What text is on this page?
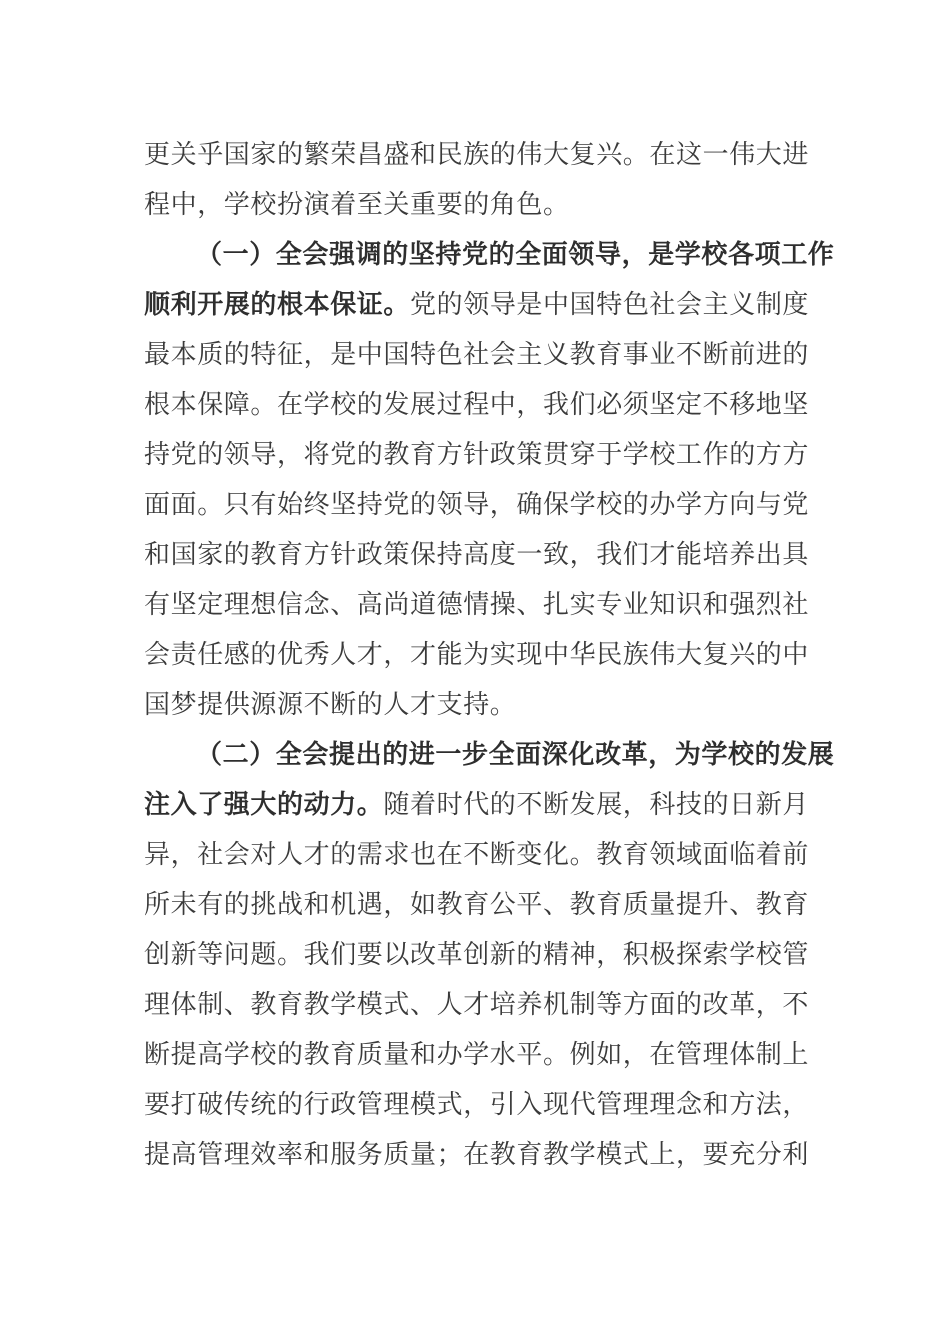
更关乎国家的繁荣昌盛和民族的伟大复兴。在这一伟大进
程中，学校扮演着至关重要的角色。
（一）全会强调的坚持党的全面领导，是学校各项工作
顺利开展的根本保证。党的领导是中国特色社会主义制度
最本质的特征，是中国特色社会主义教育事业不断前进的
根本保障。在学校的发展过程中，我们必须坚定不移地坚
持党的领导，将党的教育方针政策贯穿于学校工作的方方
面面。只有始终坚持党的领导，确保学校的办学方向与党
和国家的教育方针政策保持高度一致，我们才能培养出具
有坚定理想信念、高尚道德情操、扎实专业知识和强烈社
会责任感的优秀人才，才能为实现中华民族伟大复兴的中
国梦提供源源不断的人才支持。
（二）全会提出的进一步全面深化改革，为学校的发展
注入了强大的动力。随着时代的不断发展，科技的日新月
异，社会对人才的需求也在不断变化。教育领域面临着前
所未有的挑战和机遇，如教育公平、教育质量提升、教育
创新等问题。我们要以改革创新的精神，积极探索学校管
理体制、教育教学模式、人才培养机制等方面的改革，不
断提高学校的教育质量和办学水平。例如，在管理体制上
要打破传统的行政管理模式，引入现代管理理念和方法，
提高管理效率和服务质量；在教育教学模式上，要充分利
